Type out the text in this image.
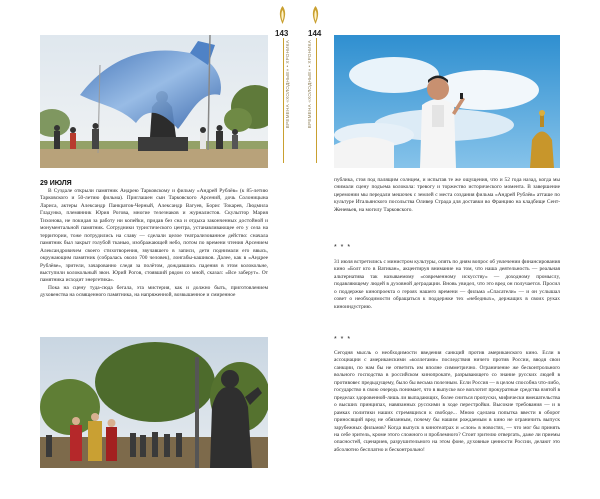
143
ВРЕМЕНА «ХОЛОДНЫЕ» • ХРОНИКА
29 ИЮЛЯ

В Суздале открыли памятник Андрею Тарковскому и фильму «Андрей Рублёв» (к 85-летию Тарковского и 50-летию фильма). Приглашен сын Тарковского Арсений, дочь Солоницына Лариса, актеры Александр Панкратов-Черный, Александр Вагуев, Борис Токарев, Людмила Гладунко, племянник Юрия Рогова, многие телезнаков и журналистов. Скульптор Мария Тихонова, не покидая за работу ни копейки, придав без сна и отдыха законченных достойной и монументальной памятник. Сотрудники туристического центра, устанавливающее его у села на территории, тоже потрудились на славу — сделали целое театрализованное действо: сначала памятник был закрыт голубой тканью, изображающей небо, потом по времени чтения Арсением Александровичем своего стихотворения, звучавшего в записи, дети поднимали его ввысь, окружающим памятник (собралась около 700 человек), лонгабы-кашиков. Далее, как в «Андрее Рублёве», зрители, зачарованно следя за полётом, дождавшись падения в этом колокольне, выступили колокольный звон. Юрий Рогов, стоявший рядом со мной, сказал: «Все заберут». От памятника исходит энергетика».

Пока на сцену туда-сюда бегала, эта мистерия, как и должно быть, приготовлением духовенства на освященного памятника, на напряженной, возвышенное и смиренное

144
ВРЕМЕНА «ХОЛОДНЫЕ» • ХРОНИКА
публика, стоя под палящим солнцем, и испытав те же ощущения, что и 52 года назад, когда мы снимали сцену подъема колокола: тревогу и торжество исторического момента. В завершение церемонии мы передали мешочек с землей с места создания фильма «Андрей Рублёв» атташе по культуре Итальянского посольства Оливер Страда для доставки во Францию на кладбище Сент-Женевьев, на могилу Тарковского.
* * *
31 июля встретились с министром культуры, опять по дням вопрос об увлечении финансирования кино «Болт кто в Ватикан», акцентируя внимание на том, что наша деятельность — реальная альтернатива так называемому «современному искусству» — доходному промыслу, подавляющему людей в духовной деградации. Вновь увидел, что это вред он получается. Просил о поддержке кинопроекта о героях нашего времени — фильма «Спасатели» — и он услышал совет о необходимости обращаться к поддержке тех «небедных», держащих в своих руках киноиндустрию.
* * *
Сегодня мысль о необходимости введения санкций против американского кино. Если в ассоциации с американскими «коллегами» последствия ничего против России, вводя свои санкции, по нам бы не ответить им вполне симметрично. Ограничение же бесконтрольного вольного господства в российском кинопрокате, разрывающего со знание русских людей в противовес предыдущему, было бы весьма полезным. Если Россия — в целом способна что-либо, государство в свою очередь понимает, что в выпуске все воплотит прокуратные средства взятой в пределах здоровенной-лишь ли выпадающих, более сниться пропуски, мифически вмешательства о высших принципах, навязанных русскими в ходе перестройки. Высокие требования — и в рамках политики наших стремящихся к свободе... Мною сделана попытка ввести в оборот приносящий вред не обязанным, почему бы нашим рождаемым в кино не ограничить выпуск зарубежных фильмов? Когда выпуск в кинотеатрах и «слон» в новостях, — что мог бы принять на себе зритель, кроме этого сложного и проблемного? Стоит зрителю отвергать, даже ли приемы опасностей, сценариев, разрушительного на этом фоне, духовные ценности России, делают это абсолютно бесплатно и бесконтрольно!
